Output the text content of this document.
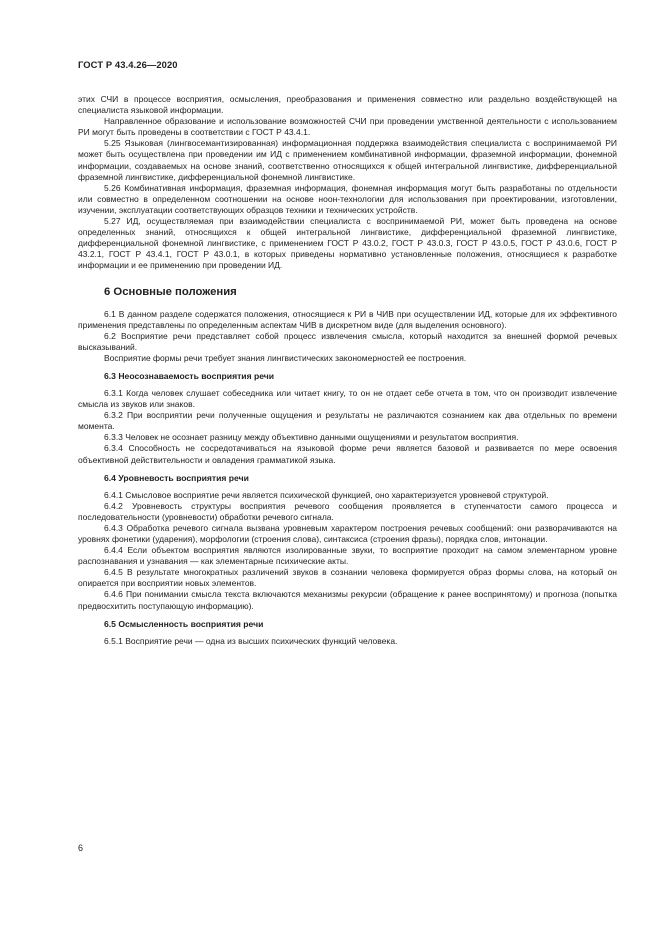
ГОСТ Р 43.4.26—2020

этих СЧИ в процессе восприятия, осмысления, преобразования и применения совместно или раздельно воздействующей на специалиста языковой информации.

Направленное образование и использование возможностей СЧИ при проведении умственной деятельности с использованием РИ могут быть проведены в соответствии с ГОСТ Р 43.4.1.

5.25 Языковая (лингвосемантизированная) информационная поддержка взаимодействия специалиста с воспринимаемой РИ может быть осуществлена при проведении им ИД с применением комбинативной информации, фраземной информации, фонемной информации, создаваемых на основе знаний, соответственно относящихся к общей интегральной лингвистике, дифференциальной фраземной лингвистике, дифференциальной фонемной лингвистике.

5.26 Комбинативная информация, фраземная информация, фонемная информация могут быть разработаны по отдельности или совместно в определенном соотношении на основе ноон-технологии для использования при проектировании, изготовлении, изучении, эксплуатации соответствующих образцов техники и технических устройств.

5.27 ИД, осуществляемая при взаимодействии специалиста с воспринимаемой РИ, может быть проведена на основе определенных знаний, относящихся к общей интегральной лингвистике, дифференциальной фраземной лингвистике, дифференциальной фонемной лингвистике, с применением ГОСТ Р 43.0.2, ГОСТ Р 43.0.3, ГОСТ Р 43.0.5, ГОСТ Р 43.0.6, ГОСТ Р 43.2.1, ГОСТ Р 43.4.1, ГОСТ Р 43.0.1, в которых приведены нормативно установленные положения, относящиеся к разработке информации и ее применению при проведении ИД.

6 Основные положения

6.1 В данном разделе содержатся положения, относящиеся к РИ в ЧИВ при осуществлении ИД, которые для их эффективного применения представлены по определенным аспектам ЧИВ в дискретном виде (для выделения основного).

6.2 Восприятие речи представляет собой процесс извлечения смысла, который находится за внешней формой речевых высказываний.

Восприятие формы речи требует знания лингвистических закономерностей ее построения.

6.3 Неосознаваемость восприятия речи

6.3.1 Когда человек слушает собеседника или читает книгу, то он не отдает себе отчета в том, что он производит извлечение смысла из звуков или знаков.

6.3.2 При восприятии речи полученные ощущения и результаты не различаются сознанием как два отдельных по времени момента.

6.3.3 Человек не осознает разницу между объективно данными ощущениями и результатом восприятия.

6.3.4 Способность не сосредотачиваться на языковой форме речи является базовой и развивается по мере освоения объективной действительности и овладения грамматикой языка.

6.4 Уровневость восприятия речи

6.4.1 Смысловое восприятие речи является психической функцией, оно характеризуется уровневой структурой.

6.4.2 Уровневость структуры восприятия речевого сообщения проявляется в ступенчатости самого процесса и последовательности (уровневости) обработки речевого сигнала.

6.4.3 Обработка речевого сигнала вызвана уровневым характером построения речевых сообщений: они разворачиваются на уровнях фонетики (ударения), морфологии (строения слова), синтаксиса (строения фразы), порядка слов, интонации.

6.4.4 Если объектом восприятия являются изолированные звуки, то восприятие проходит на самом элементарном уровне распознавания и узнавания — как элементарные психические акты.

6.4.5 В результате многократных различений звуков в сознании человека формируется образ формы слова, на который он опирается при восприятии новых элементов.

6.4.6 При понимании смысла текста включаются механизмы рекурсии (обращение к ранее воспринятому) и прогноза (попытка предвосхитить поступающую информацию).

6.5 Осмысленность восприятия речи

6.5.1 Восприятие речи — одна из высших психических функций человека.

6
